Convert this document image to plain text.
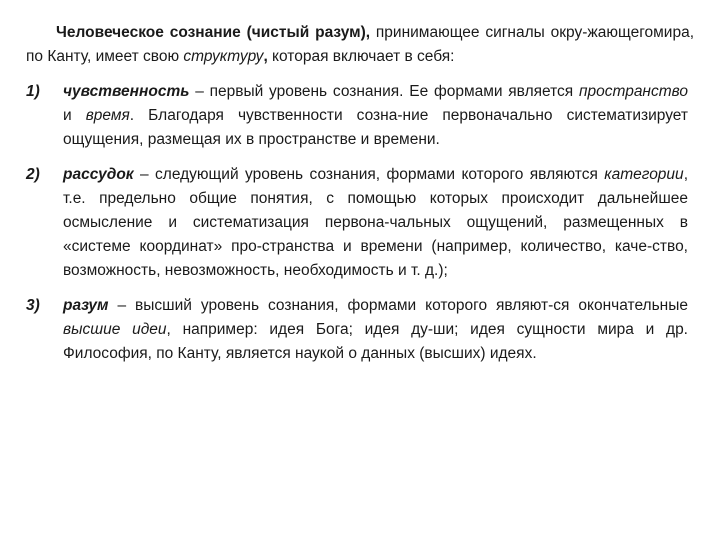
Человеческое сознание (чистый разум), принимающее сигналы окру-жающегомира, по Канту, имеет свою структуру, которая включает в себя:

1)	чувственность – первый уровень сознания. Ее формами является пространство и время. Благодаря чувственности созна-ние первоначально систематизирует ощущения, размещая их в пространстве и времени.
2)	рассудок – следующий уровень сознания, формами которого являются категории, т.е. предельно общие понятия, с помощью которых происходит дальнейшее осмысление и систематизация первона-чальных ощущений, размещенных в «системе координат» про-странства и времени (например, количество, каче-ство, возможность, невозможность, необходимость и т. д.);
3)	разум – высший уровень сознания, формами которого являют-ся окончательные высшие идеи, например: идея Бога; идея ду-ши; идея сущности мира и др. Философия, по Канту, является наукой о данных (высших) идеях.
